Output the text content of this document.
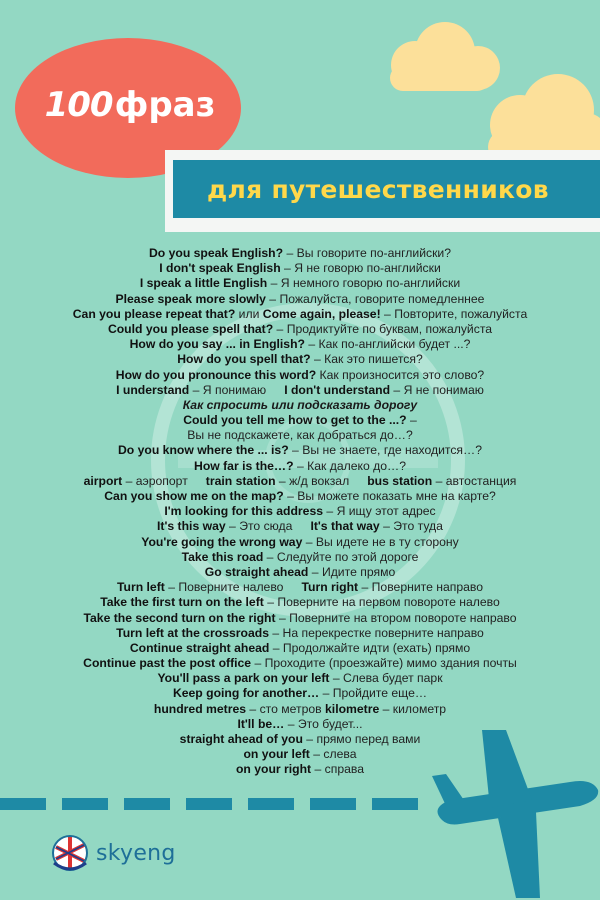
100фраз
для путешественников
Do you speak English? – Вы говорите по-английски?
I don't speak English – Я не говорю по-английски
I speak a little English – Я немного говорю по-английски
Please speak more slowly – Пожалуйста, говорите помедленнее
Can you please repeat that? или Come again, please! – Повторите, пожалуйста
Could you please spell that? – Продиктуйте по буквам, пожалуйста
How do you say ... in English? – Как по-английски будет ...?
How do you spell that? – Как это пишется?
How do you pronounce this word? Как произносится это слово?
I understand – Я понимаю I don't understand – Я не понимаю
Как спросить или подсказать дорогу
Could you tell me how to get to the ...? –
Вы не подскажете, как добраться до…?
Do you know where the ... is? – Вы не знаете, где находится…?
How far is the…? – Как далеко до…?
airport – аэропорт train station – ж/д вокзал bus station – автостанция
Can you show me on the map? – Вы можете показать мне на карте?
I'm looking for this address – Я ищу этот адрес
It's this way – Это сюда It's that way – Это туда
You're going the wrong way – Вы идете не в ту сторону
Take this road – Следуйте по этой дороге
Go straight ahead – Идите прямо
Turn left – Поверните налево Turn right – Поверните направо
Take the first turn on the left – Поверните на первом повороте налево
Take the second turn on the right – Поверните на втором повороте направо
Turn left at the crossroads – На перекрестке поверните направо
Continue straight ahead – Продолжайте идти (ехать) прямо
Continue past the post office – Проходите (проезжайте) мимо здания почты
You'll pass a park on your left – Слева будет парк
Keep going for another… – Пройдите еще…
hundred metres – сто метров kilometre – километр
It'll be… – Это будет...
straight ahead of you – прямо перед вами
on your left – слева
on your right – справа
skyeng
